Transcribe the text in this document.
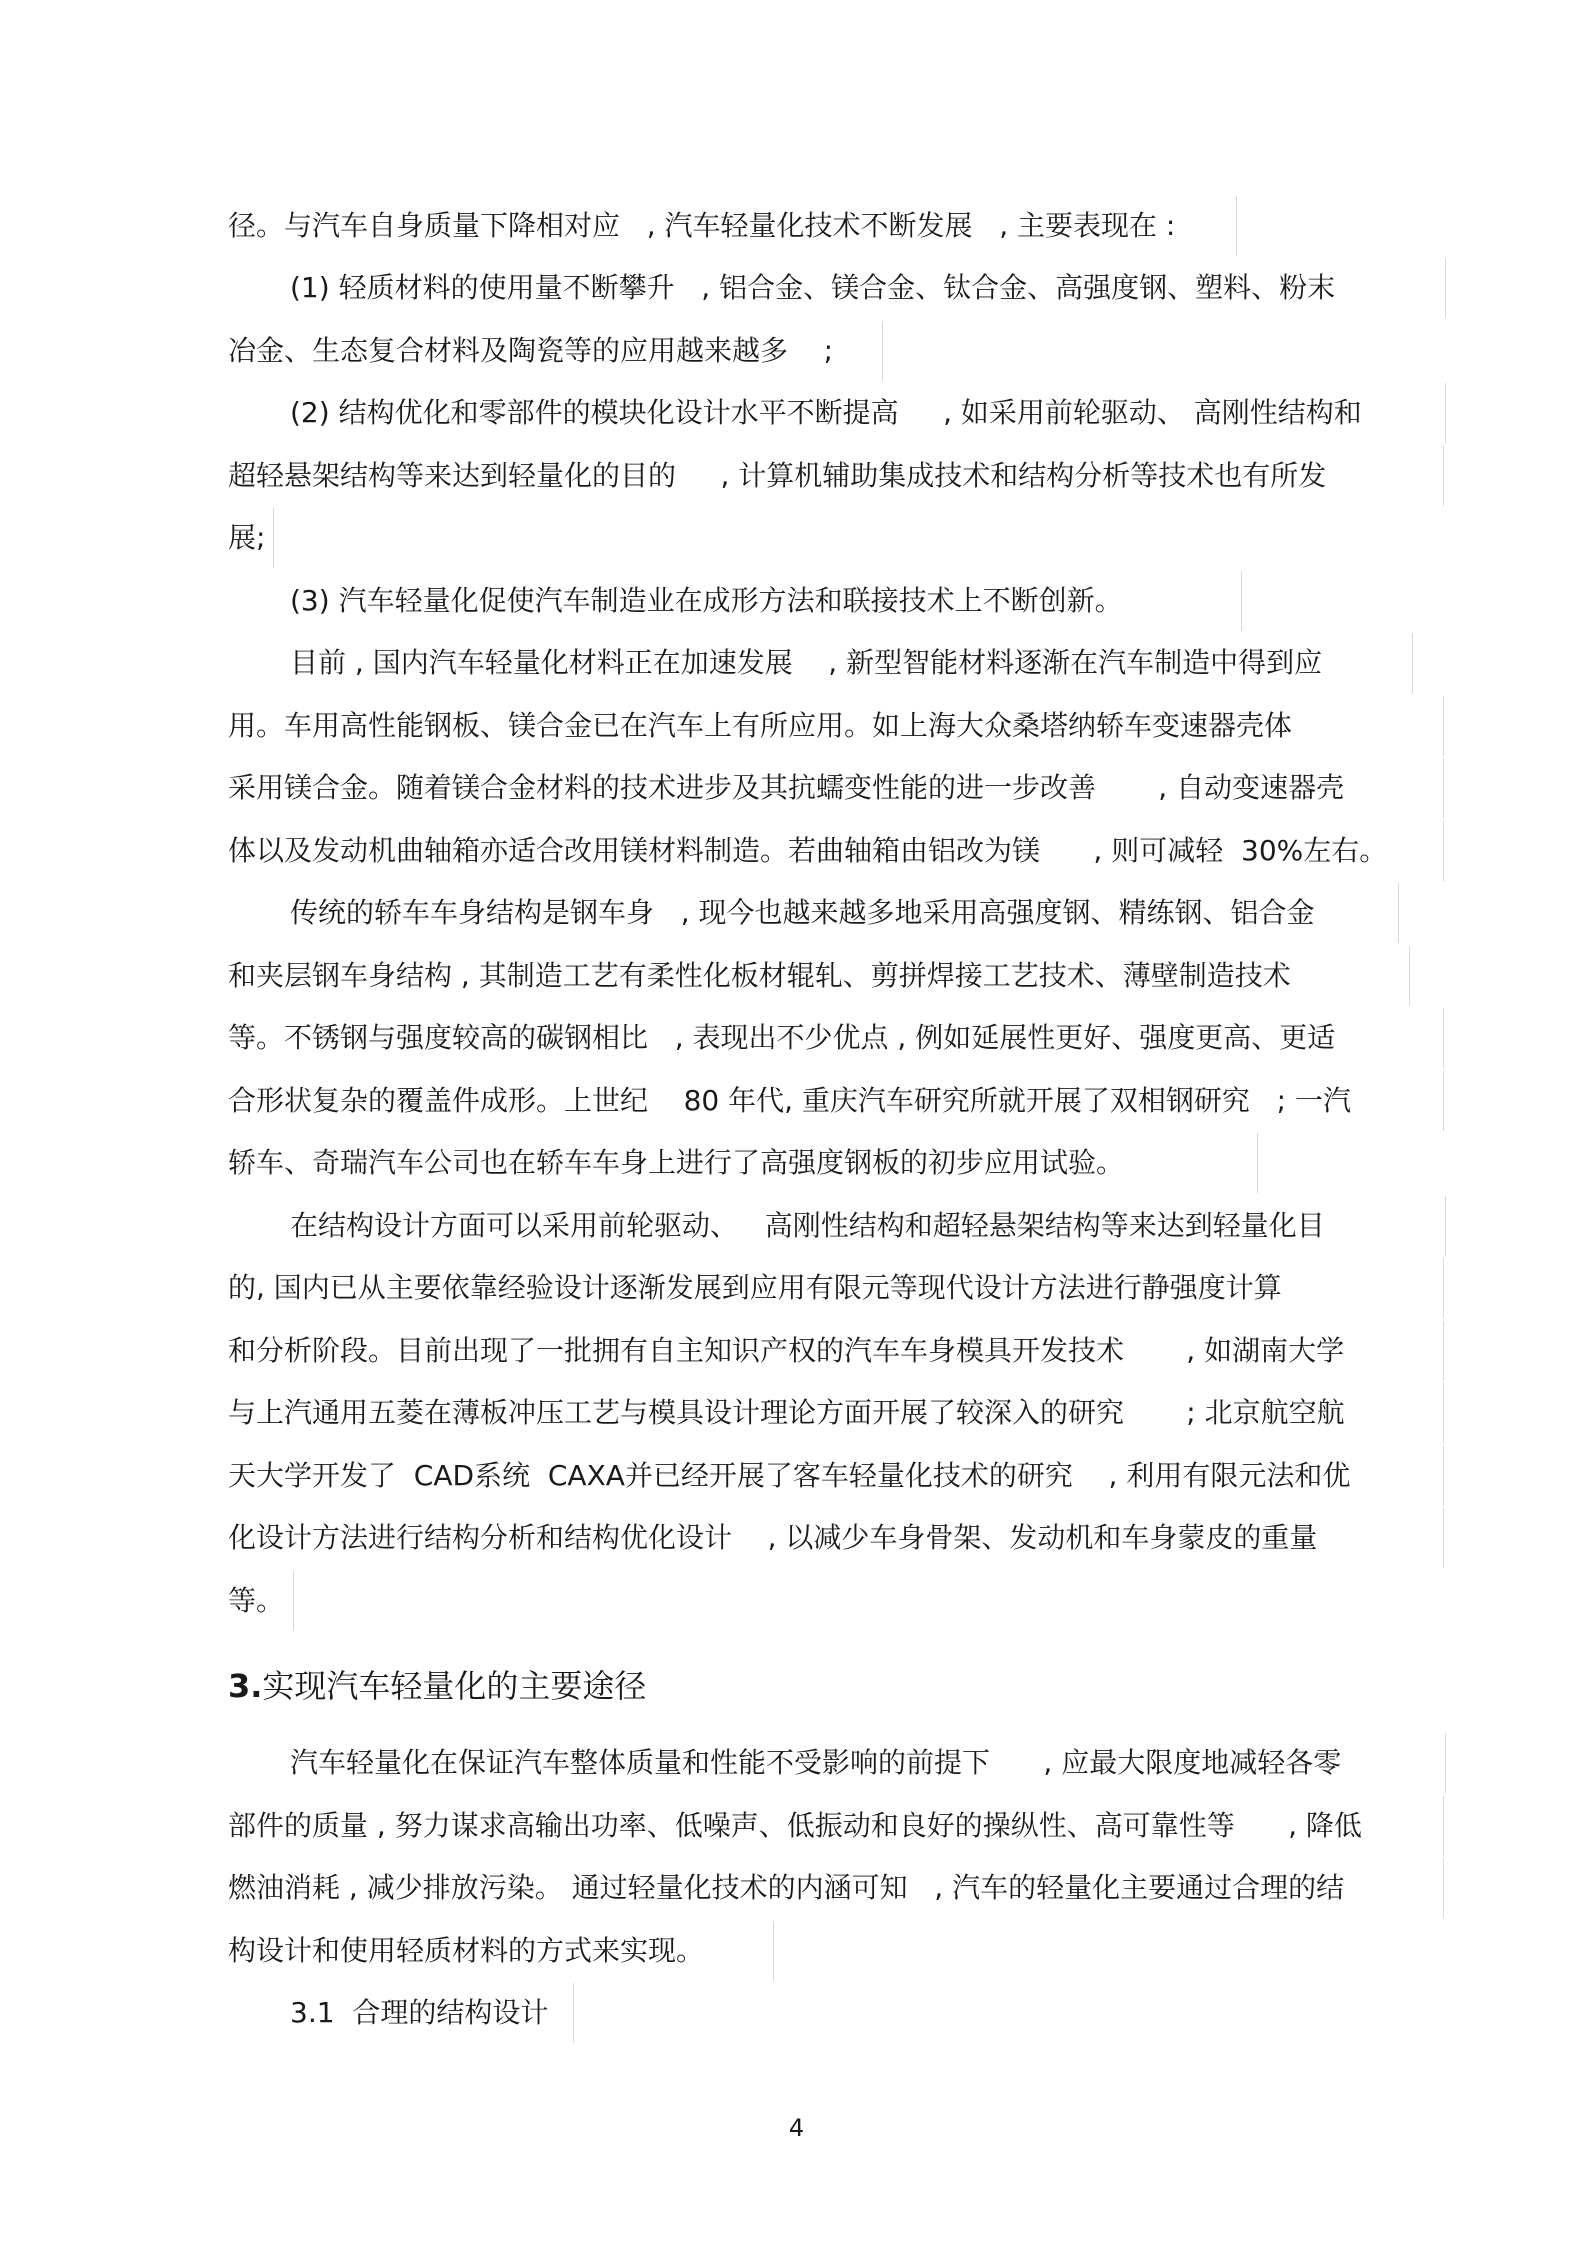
径。与汽车自身质量下降相对应   , 汽车轻量化技术不断发展   , 主要表现在 :
(1) 轻质材料的使用量不断攀升   , 铝合金、镁合金、钛合金、高强度钢、塑料、粉末
冶金、生态复合材料及陶瓷等的应用越来越多    ;
(2) 结构优化和零部件的模块化设计水平不断提高     , 如采用前轮驱动、 高刚性结构和
超轻悬架结构等来达到轻量化的目的     , 计算机辅助集成技术和结构分析等技术也有所发
展;
(3) 汽车轻量化促使汽车制造业在成形方法和联接技术上不断创新。
目前 , 国内汽车轻量化材料正在加速发展    , 新型智能材料逐渐在汽车制造中得到应
用。车用高性能钢板、镁合金已在汽车上有所应用。如上海大众桑塔纳轿车变速器壳体
采用镁合金。随着镁合金材料的技术进步及其抗蠕变性能的进一步改善       , 自动变速器壳
体以及发动机曲轴箱亦适合改用镁材料制造。若曲轴箱由铝改为镁      , 则可减轻  30%左右。
传统的轿车车身结构是钢车身   , 现今也越来越多地采用高强度钢、精练钢、铝合金
和夹层钢车身结构 , 其制造工艺有柔性化板材辊轧、剪拼焊接工艺技术、薄壁制造技术
等。不锈钢与强度较高的碳钢相比   , 表现出不少优点 , 例如延展性更好、强度更高、更适
合形状复杂的覆盖件成形。上世纪    80 年代, 重庆汽车研究所就开展了双相钢研究   ; 一汽
轿车、奇瑞汽车公司也在轿车车身上进行了高强度钢板的初步应用试验。
在结构设计方面可以采用前轮驱动、   高刚性结构和超轻悬架结构等来达到轻量化目
的, 国内已从主要依靠经验设计逐渐发展到应用有限元等现代设计方法进行静强度计算
和分析阶段。目前出现了一批拥有自主知识产权的汽车车身模具开发技术       , 如湖南大学
与上汽通用五菱在薄板冲压工艺与模具设计理论方面开展了较深入的研究       ; 北京航空航
天大学开发了  CAD系统  CAXA并已经开展了客车轻量化技术的研究    , 利用有限元法和优
化设计方法进行结构分析和结构优化设计    , 以减少车身骨架、发动机和车身蒙皮的重量
等。
3.实现汽车轻量化的主要途径
汽车轻量化在保证汽车整体质量和性能不受影响的前提下      , 应最大限度地减轻各零
部件的质量 , 努力谋求高输出功率、低噪声、低振动和良好的操纵性、高可靠性等      , 降低
燃油消耗 , 减少排放污染。 通过轻量化技术的内涵可知   , 汽车的轻量化主要通过合理的结
构设计和使用轻质材料的方式来实现。
3.1  合理的结构设计
4
